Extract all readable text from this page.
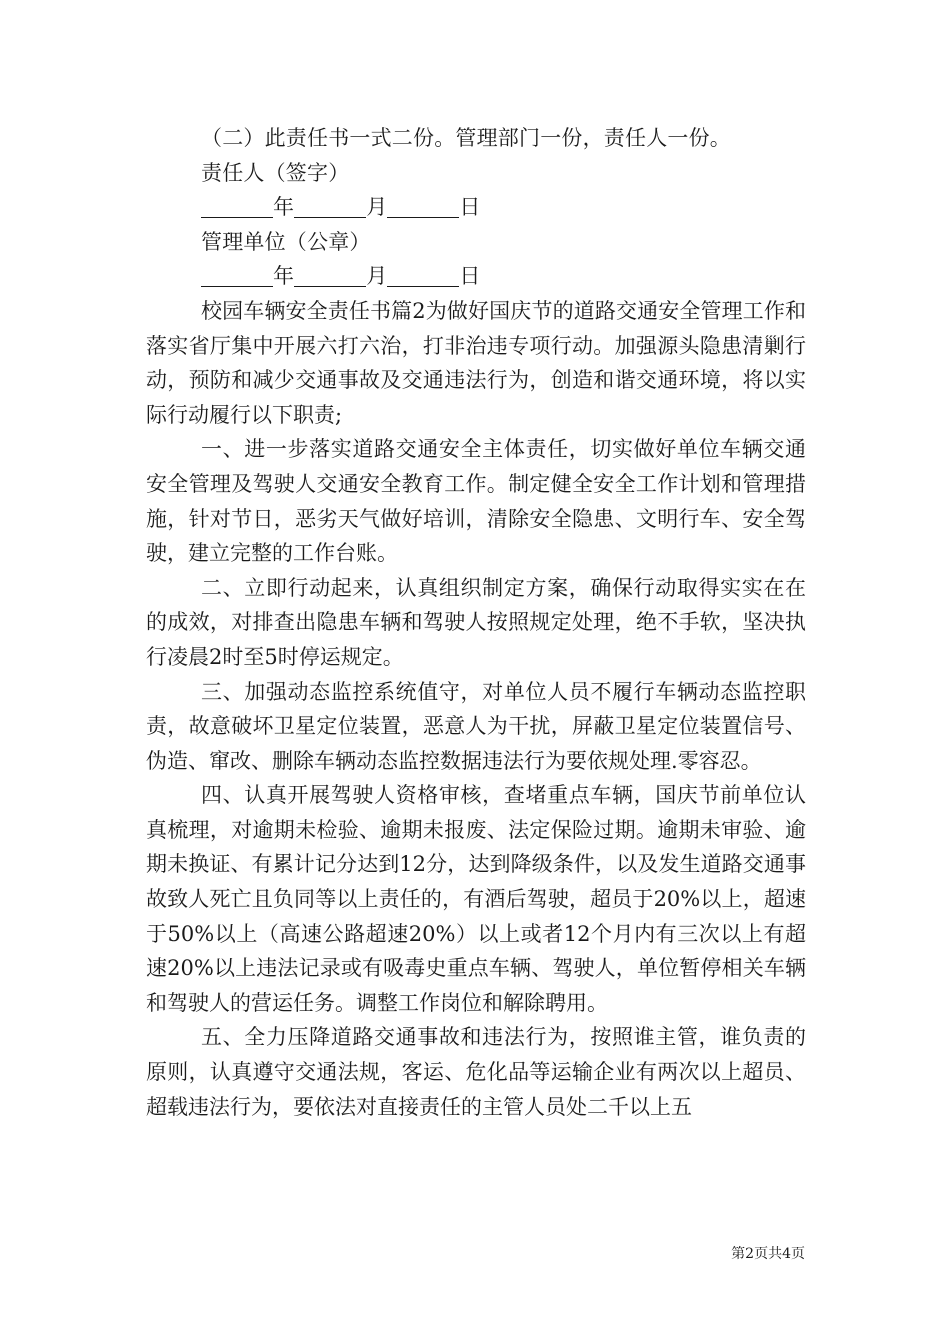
（二）此责任书一式二份。管理部门一份，责任人一份。
责任人（签字）
年	月	日
管理单位（公章）
年	月	日

校园车辆安全责任书篇2为做好国庆节的道路交通安全管理工作和落实省厅集中开展六打六治，打非治违专项行动。加强源头隐患清剿行动，预防和减少交通事故及交通违法行为，创造和谐交通环境，将以实际行动履行以下职责;

一、进一步落实道路交通安全主体责任，切实做好单位车辆交通安全管理及驾驶人交通安全教育工作。制定健全安全工作计划和管理措施，针对节日，恶劣天气做好培训，清除安全隐患、文明行车、安全驾驶，建立完整的工作台账。

二、立即行动起来，认真组织制定方案，确保行动取得实实在在的成效，对排查出隐患车辆和驾驶人按照规定处理，绝不手软，坚决执行凌晨2时至5时停运规定。

三、加强动态监控系统值守，对单位人员不履行车辆动态监控职责，故意破坏卫星定位装置，恶意人为干扰，屏蔽卫星定位装置信号、伪造、窜改、删除车辆动态监控数据违法行为要依规处理.零容忍。

四、认真开展驾驶人资格审核，查堵重点车辆，国庆节前单位认真梳理，对逾期未检验、逾期未报废、法定保险过期。逾期未审验、逾期未换证、有累计记分达到12分，达到降级条件，以及发生道路交通事故致人死亡且负同等以上责任的，有酒后驾驶，超员于20%以上，超速于50%以上（高速公路超速20%）以上或者12个月内有三次以上有超速20%以上违法记录或有吸毒史重点车辆、驾驶人，单位暂停相关车辆和驾驶人的营运任务。调整工作岗位和解除聘用。

五、全力压降道路交通事故和违法行为，按照谁主管，谁负责的原则，认真遵守交通法规，客运、危化品等运输企业有两次以上超员、超载违法行为，要依法对直接责任的主管人员处二千以上五

第2页共4页
